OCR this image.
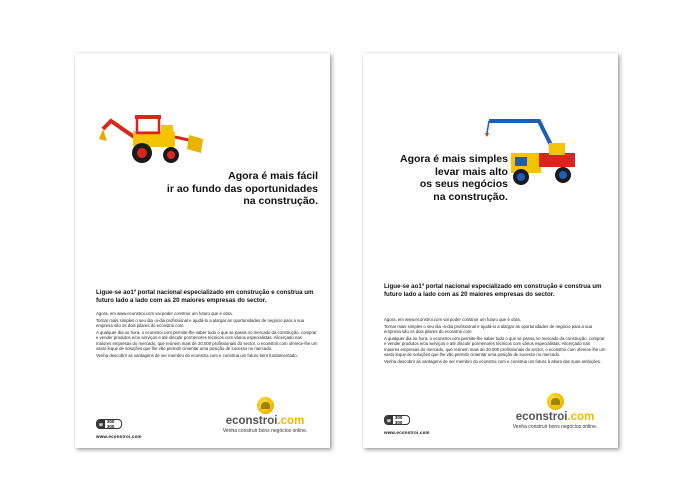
Agora é mais fácil
ir ao fundo das oportunidades
na construção.
Ligue-se ao1º portal nacional especializado em construção e construa um futuro lado a lado com as 20 maiores empresas do sector.

Agora, em www.econstroi.com vai poder construir um futuro que é obra.

Tornar mais simples o seu dia -a-dia profissional e ajudá-lo a alargar as oportunidades de negócio para a sua empresa são os dois pilares do econstroi.com.

A qualquer dia ou hora, o econstroi.com permite-lhe saber tudo o que se passa no mercado da construção, comprar e vender produtos e/ou serviços e até discutir pormenores técnicos com vários especialistas. Alicerçado nas maiores empresas do mercado, que reúnem mais de 20.000 profissionais do sector, o econstroi.com oferece-lhe um vasto leque de soluções que lhe vão permitir cimentar uma posição de sucesso no mercado.

Venha descobrir as vantagens de ser membro do econstroi.com e construa um futuro bem fundamentado.

☏ 300 300
www.econstroi.com
econstroi.com
Venha construir bons negócios online.
Agora é mais simples
levar mais alto
os seus negócios
na construção.
Ligue-se ao1º portal nacional especializado em construção e construa um futuro lado a lado com as 20 maiores empresas do sector.

Agora, em www.econstroi.com vai poder construir um futuro que é obra.

Tornar mais simples o seu dia -a-dia profissional e ajudá-lo a alargar as oportunidades de negócio para a sua empresa são os dois pilares do econstroi.com.

A qualquer dia ou hora, o econstroi.com permite-lhe saber tudo o que se passa no mercado da construção, comprar e vender produtos e/ou serviços e até discutir pormenores técnicos com vários especialistas. Alicerçado nas maiores empresas do mercado, que reúnem mais de 20.000 profissionais do sector, o econstroi.com oferece-lhe um vasto leque de soluções que lhe vão permitir cimentar uma posição de sucesso no mercado.

Venha descobrir as vantagens de ser membro do econstroi.com e construa um futuro à altura das suas ambições.

☏ 300 300
www.econstroi.com
econstroi.com
Venha construir bons negócios online.
